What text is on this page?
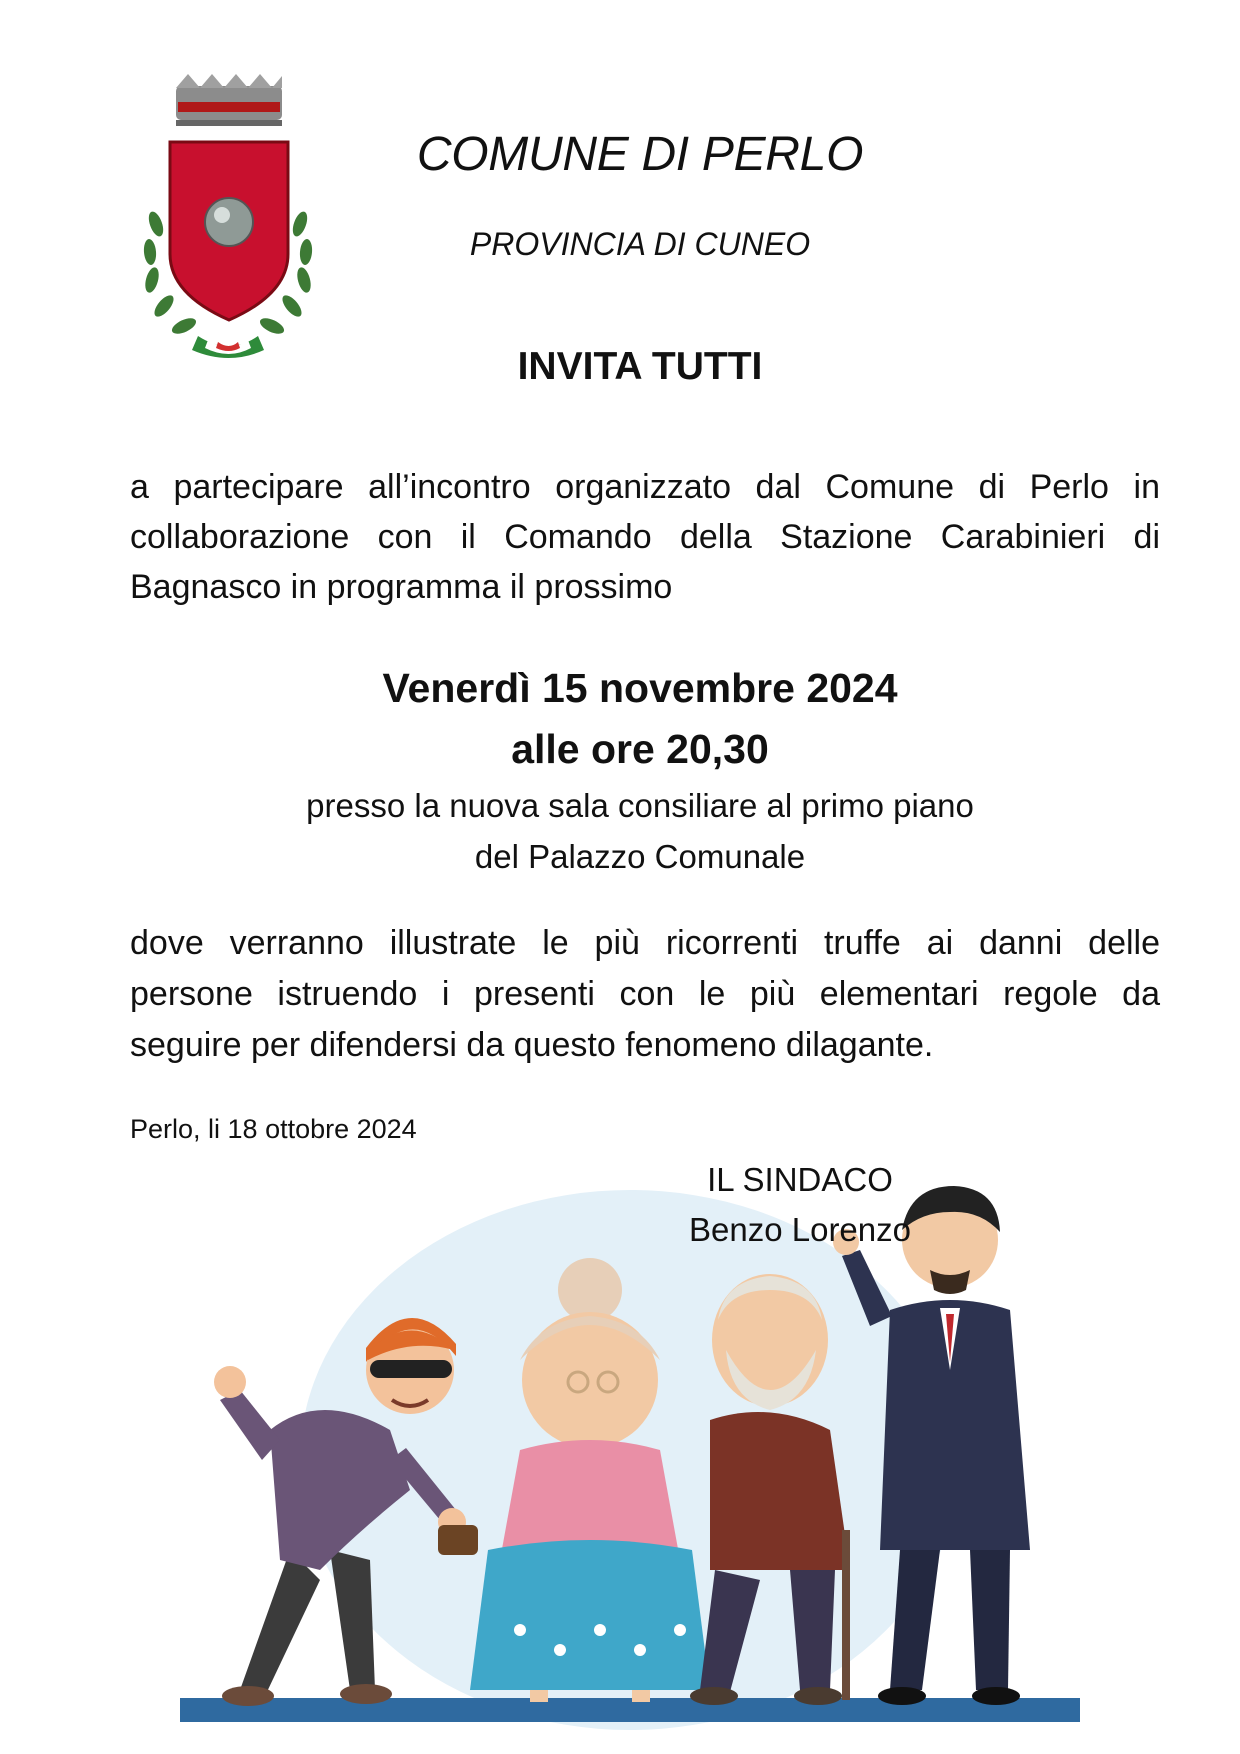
COMUNE DI PERLO
PROVINCIA DI CUNEO
INVITA TUTTI
a partecipare all’incontro organizzato dal Comune di Perlo in
collaborazione con il Comando della Stazione Carabinieri di
Bagnasco in programma il prossimo
Venerdì 15 novembre 2024
alle ore 20,30
presso la nuova sala consiliare al primo piano
del Palazzo Comunale
dove verranno illustrate le più ricorrenti truffe ai danni delle
persone istruendo i presenti con le più elementari regole da
seguire per difendersi da questo fenomeno dilagante.
Perlo, li 18 ottobre 2024
IL SINDACO
Benzo Lorenzo
